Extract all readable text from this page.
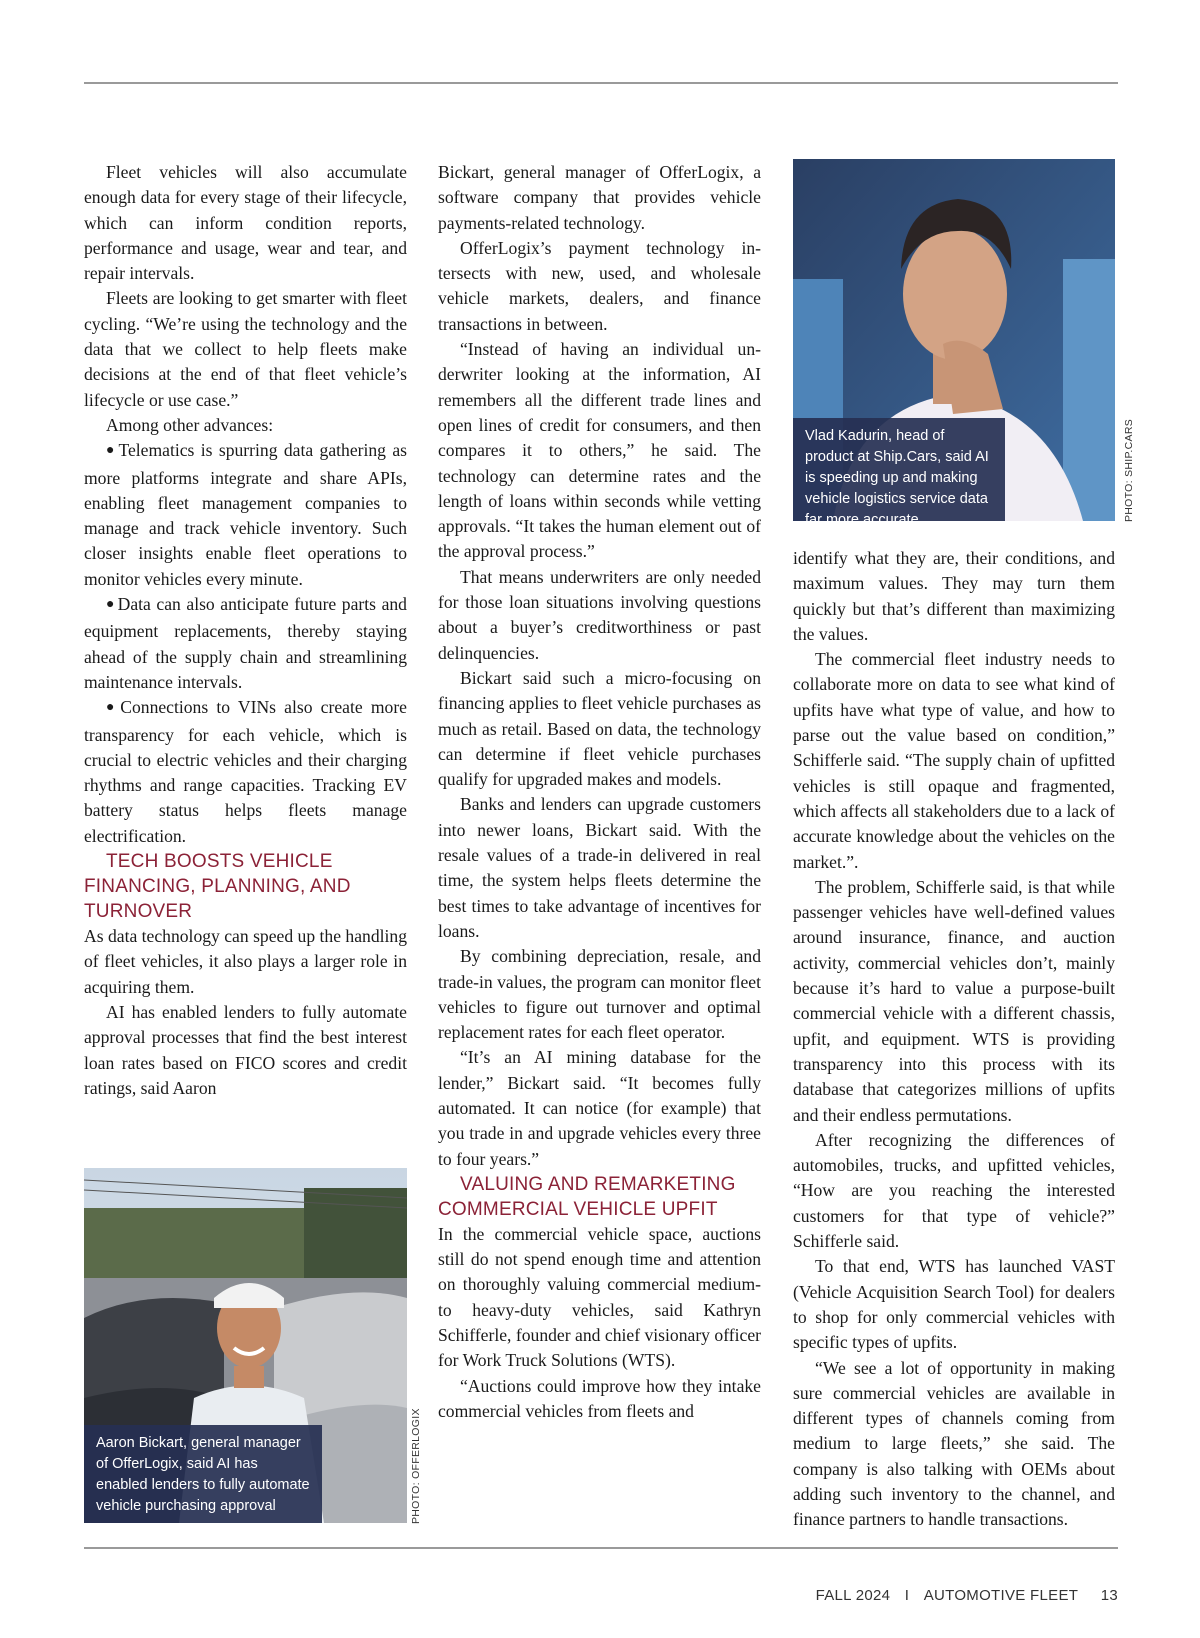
Fleet vehicles will also accumulate enough data for every stage of their lifecycle, which can inform condition reports, performance and usage, wear and tear, and repair intervals.

Fleets are looking to get smarter with fleet cycling. “We’re using the technology and the data that we collect to help fleets make decisions at the end of that fleet vehicle’s lifecycle or use case.”

Among other advances:

● Telematics is spurring data gathering as more platforms integrate and share APIs, enabling fleet management companies to manage and track vehicle inventory. Such closer insights enable fleet operations to monitor vehicles every minute.

● Data can also anticipate future parts and equipment replacements, thereby staying ahead of the supply chain and streamlining maintenance intervals.

● Connections to VINs also create more transparency for each vehicle, which is crucial to electric vehicles and their charging rhythms and range capacities. Tracking EV battery status helps fleets manage electrification.

TECH BOOSTS VEHICLE FINANCING, PLANNING, AND TURNOVER

As data technology can speed up the handling of fleet vehicles, it also plays a larger role in acquiring them.

AI has enabled lenders to fully automate approval processes that find the best interest loan rates based on FICO scores and credit ratings, said Aaron

Aaron Bickart, general manager of OfferLogix, said AI has enabled lenders to fully automate vehicle purchasing approval processes
PHOTO: OFFERLOGIX

Bickart, general manager of OfferLogix, a software company that provides vehicle payments-related technology.

OfferLogix’s payment technology intersects with new, used, and wholesale vehicle markets, dealers, and finance transactions in between.

“Instead of having an individual underwriter looking at the information, AI remembers all the different trade lines and open lines of credit for consumers, and then compares it to others,” he said. The technology can determine rates and the length of loans within seconds while vetting approvals. “It takes the human element out of the approval process.”

That means underwriters are only needed for those loan situations involving questions about a buyer’s creditworthiness or past delinquencies.

Bickart said such a micro-focusing on financing applies to fleet vehicle purchases as much as retail. Based on data, the technology can determine if fleet vehicle purchases qualify for upgraded makes and models.

Banks and lenders can upgrade customers into newer loans, Bickart said. With the resale values of a trade-in delivered in real time, the system helps fleets determine the best times to take advantage of incentives for loans.

By combining depreciation, resale, and trade-in values, the program can monitor fleet vehicles to figure out turnover and optimal replacement rates for each fleet operator.

“It’s an AI mining database for the lender,” Bickart said. “It becomes fully automated. It can notice (for example) that you trade in and upgrade vehicles every three to four years.”

VALUING AND REMARKETING COMMERCIAL VEHICLE UPFIT

In the commercial vehicle space, auctions still do not spend enough time and attention on thoroughly valuing commercial medium- to heavy-duty vehicles, said Kathryn Schifferle, founder and chief visionary officer for Work Truck Solutions (WTS).

“Auctions could improve how they intake commercial vehicles from fleets and

Vlad Kadurin, head of product at Ship.Cars, said AI is speeding up and making vehicle logistics service data far more accurate.	PHOTO: SHIP.CARS

identify what they are, their conditions, and maximum values. They may turn them quickly but that’s different than maximizing the values.

The commercial fleet industry needs to collaborate more on data to see what kind of upfits have what type of value, and how to parse out the value based on condition,” Schifferle said. “The supply chain of upfitted vehicles is still opaque and fragmented, which affects all stakeholders due to a lack of accurate knowledge about the vehicles on the market.”.

The problem, Schifferle said, is that while passenger vehicles have well-defined values around insurance, finance, and auction activity, commercial vehicles don’t, mainly because it’s hard to value a purpose-built commercial vehicle with a different chassis, upfit, and equipment. WTS is providing transparency into this process with its database that categorizes millions of upfits and their endless permutations.

After recognizing the differences of automobiles, trucks, and upfitted vehicles, “How are you reaching the interested customers for that type of vehicle?” Schifferle said.

To that end, WTS has launched VAST (Vehicle Acquisition Search Tool) for dealers to shop for only commercial vehicles with specific types of upfits.

“We see a lot of opportunity in making sure commercial vehicles are available in different types of channels coming from medium to large fleets,” she said. The company is also talking with OEMs about adding such inventory to the channel, and finance partners to handle transactions.

FALL 2024 I AUTOMOTIVE FLEET 13
